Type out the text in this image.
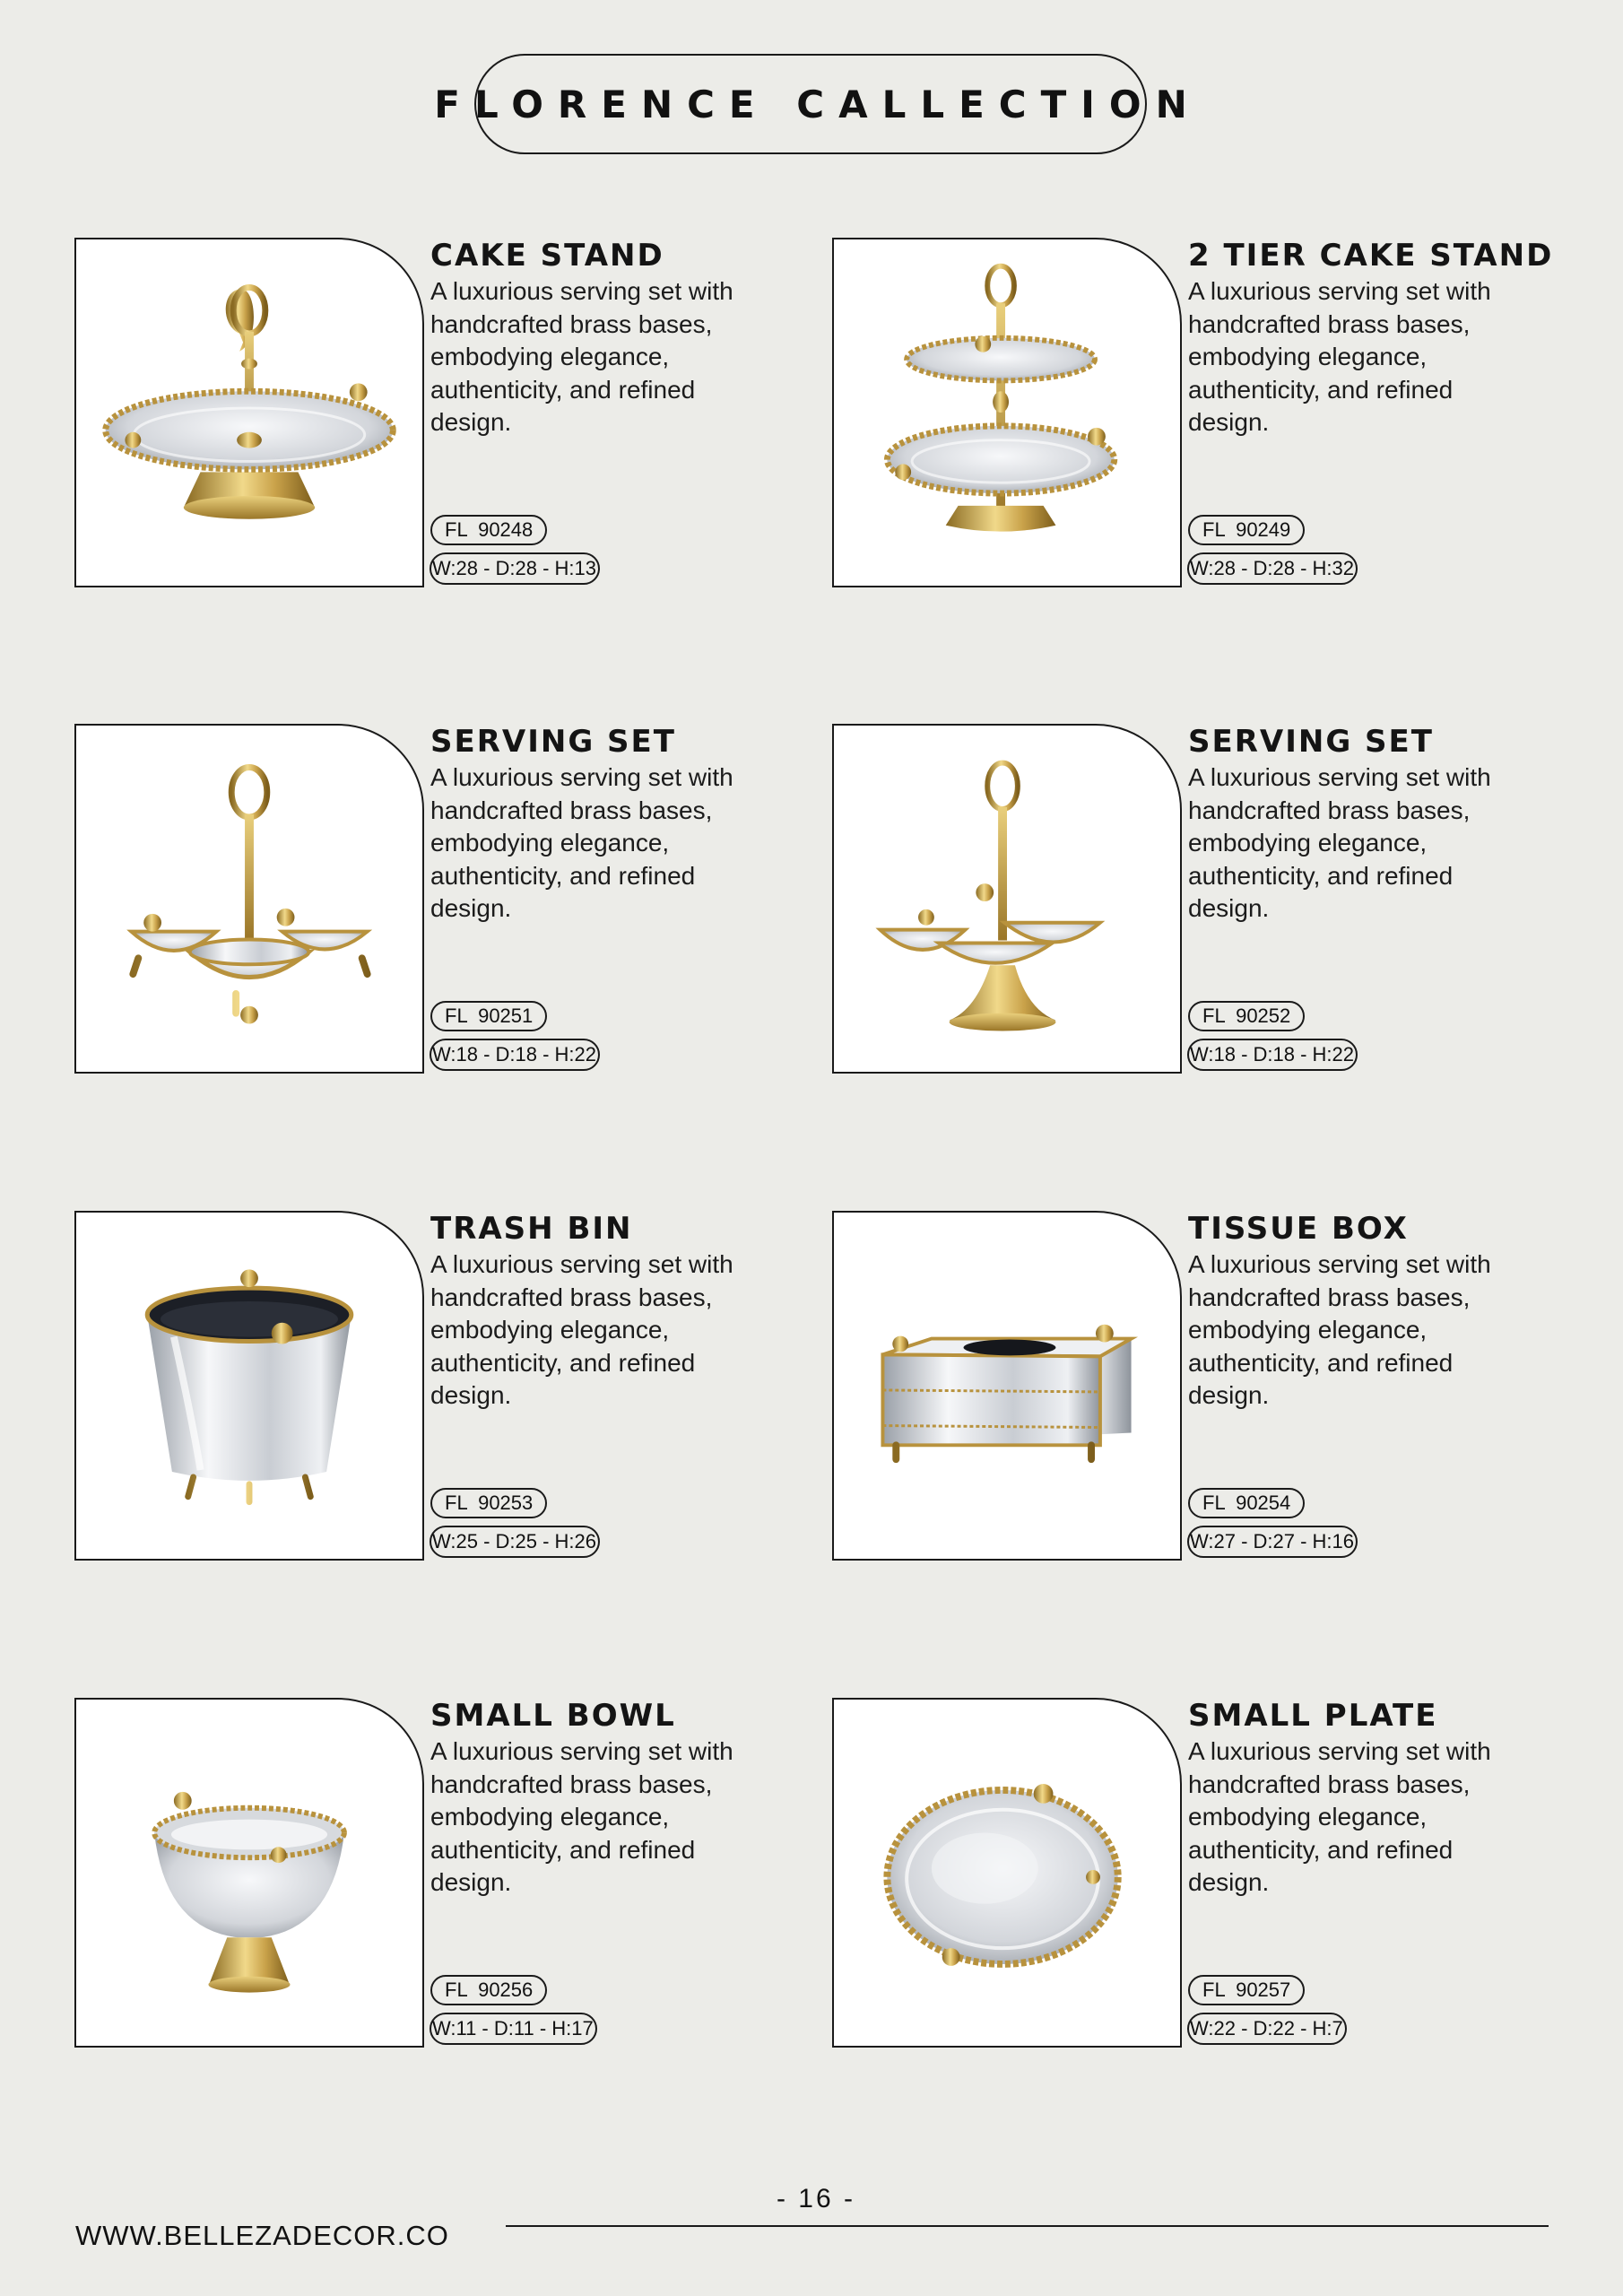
FLORENCE CALLECTION
CAKE STAND

A luxurious serving set with handcrafted brass bases, embodying elegance, authenticity, and refined design.

FL  90248
W:28 - D:28 - H:13
2 TIER CAKE STAND

A luxurious serving set with handcrafted brass bases, embodying elegance, authenticity, and refined design.

FL  90249
W:28 - D:28 - H:32
SERVING SET

A luxurious serving set with handcrafted brass bases, embodying elegance, authenticity, and refined design.

FL  90251
W:18 - D:18 - H:22
SERVING SET

A luxurious serving set with handcrafted brass bases, embodying elegance, authenticity, and refined design.

FL  90252
W:18 - D:18 - H:22
TRASH BIN

A luxurious serving set with handcrafted brass bases, embodying elegance, authenticity, and refined design.

FL  90253
W:25 - D:25 - H:26
TISSUE BOX

A luxurious serving set with handcrafted brass bases, embodying elegance, authenticity, and refined design.

FL  90254
W:27 - D:27 - H:16
SMALL BOWL

A luxurious serving set with handcrafted brass bases, embodying elegance, authenticity, and refined design.

FL  90256
W:11 - D:11 - H:17
SMALL PLATE

A luxurious serving set with handcrafted brass bases, embodying elegance, authenticity, and refined design.

FL  90257
W:22 - D:22 - H:7
- 16 -
WWW.BELLEZADECOR.CO
